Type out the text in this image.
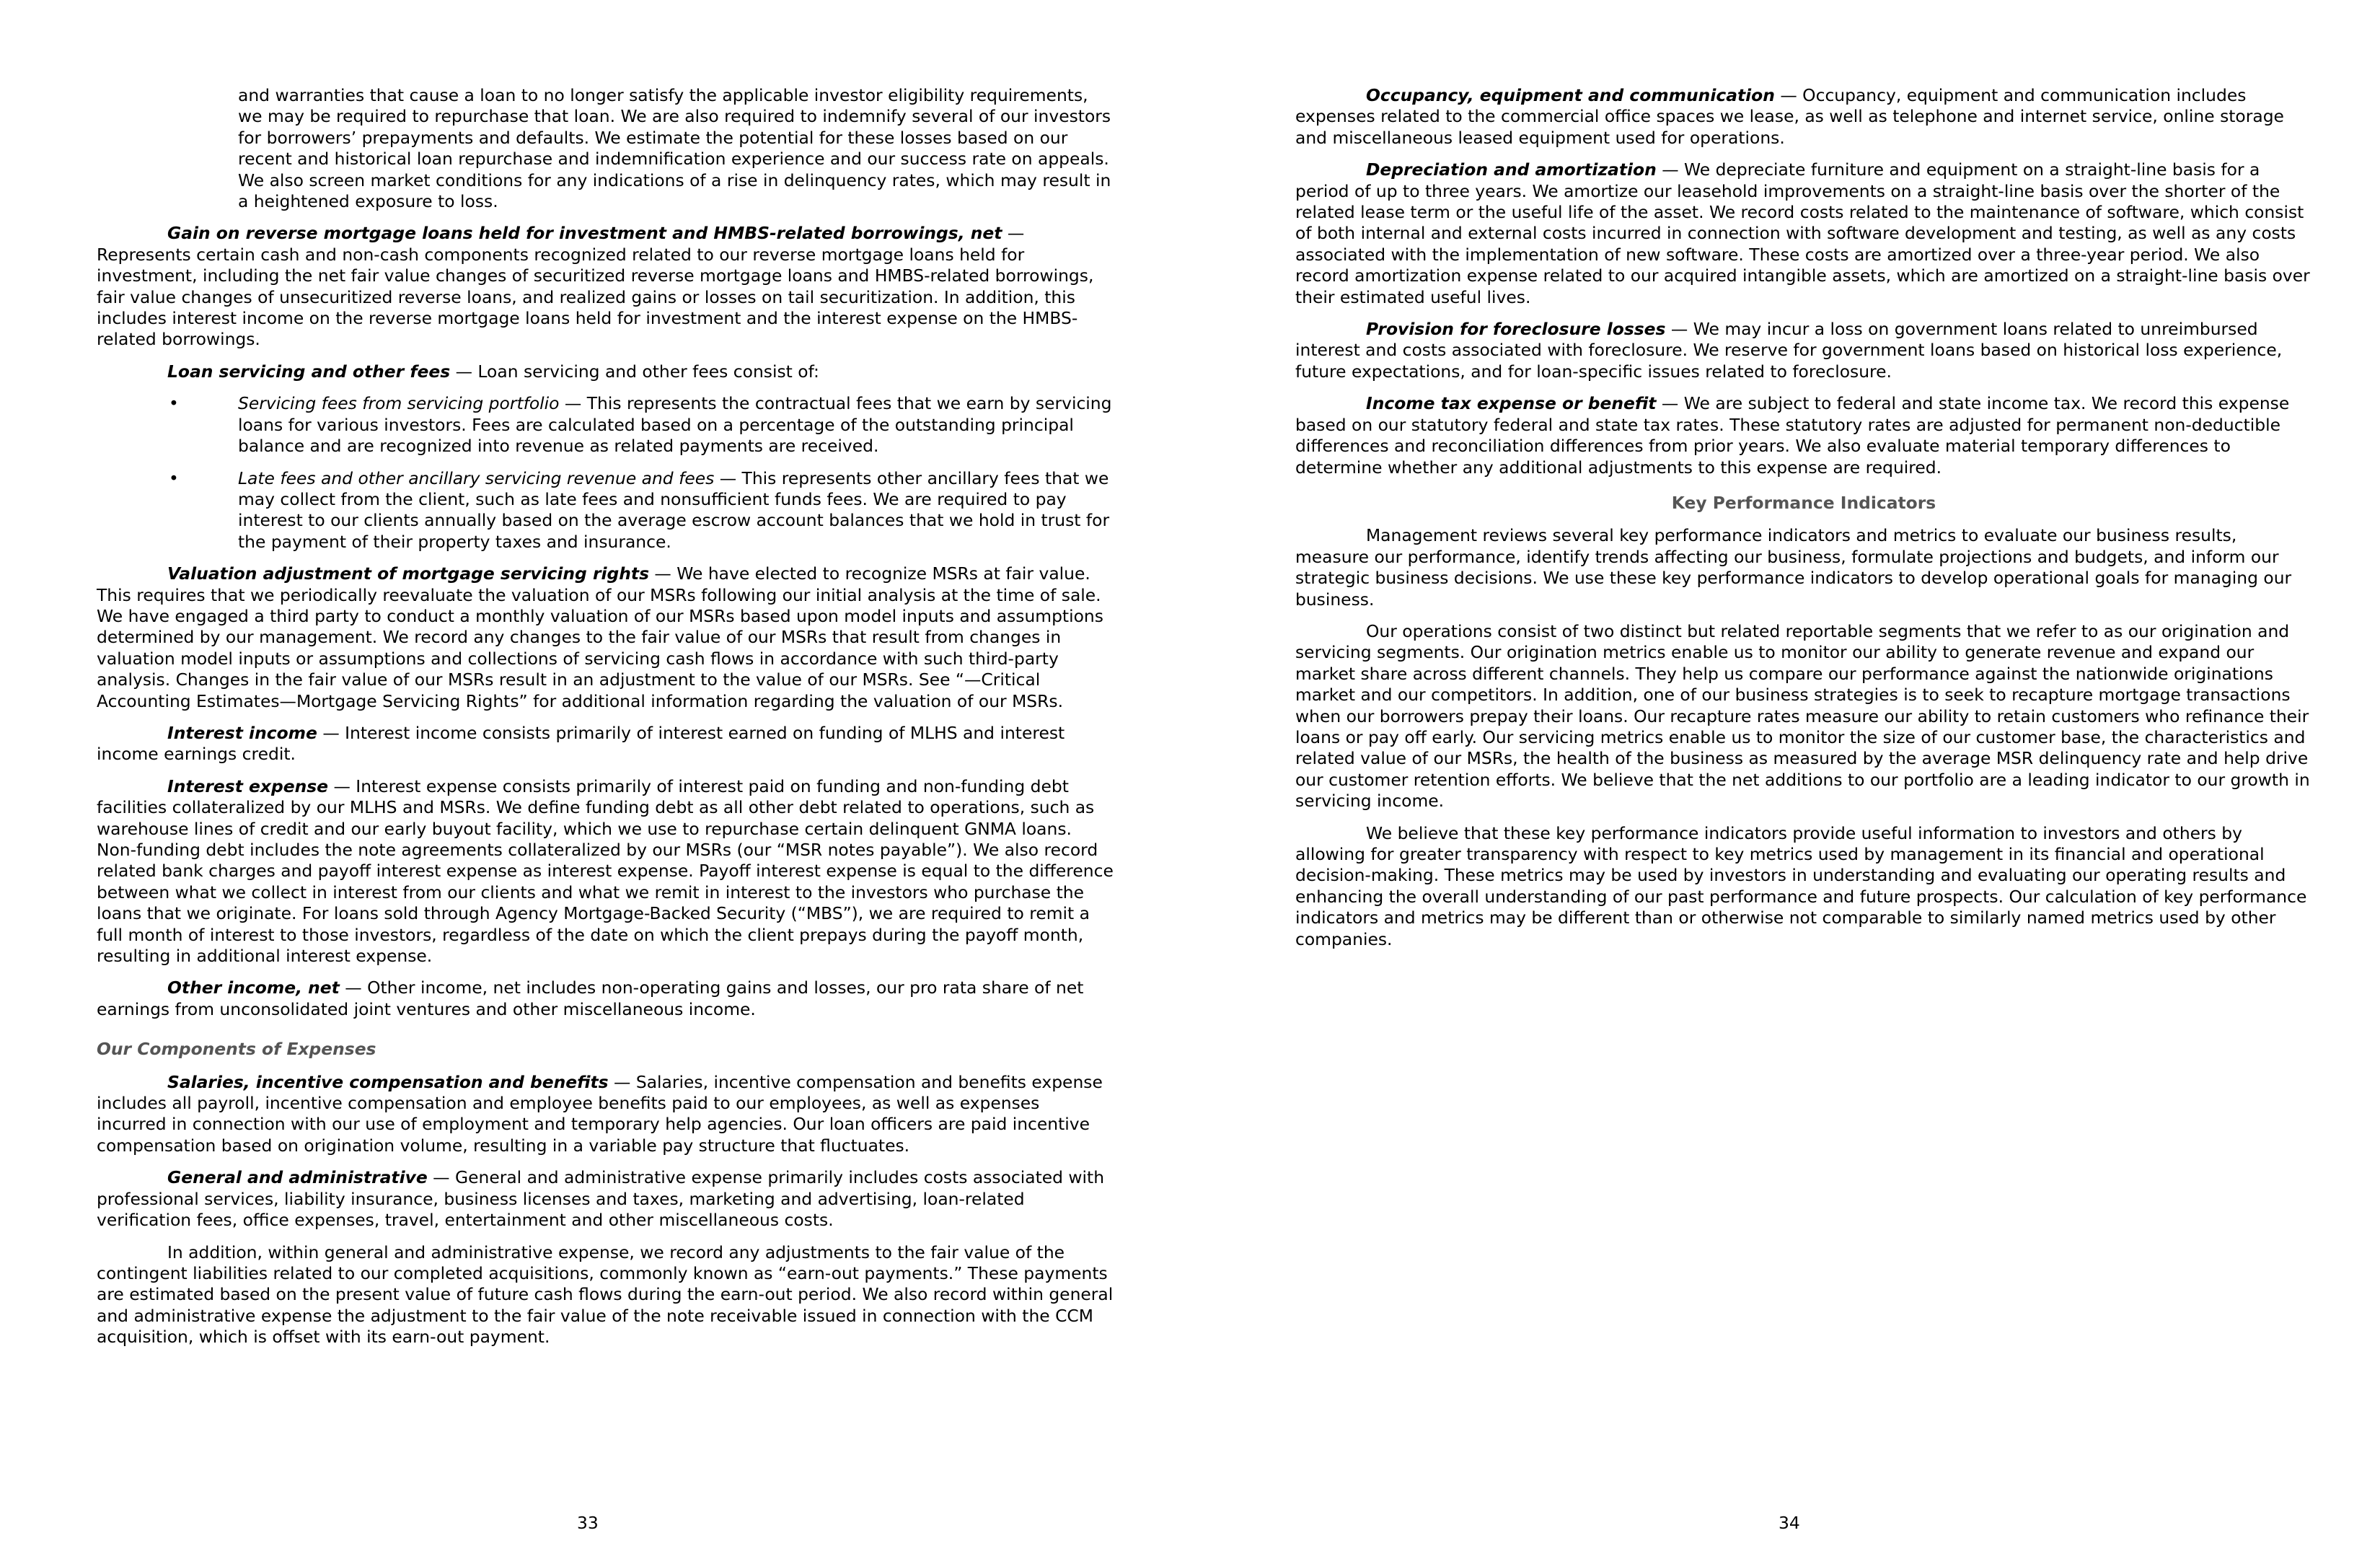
and warranties that cause a loan to no longer satisfy the applicable investor eligibility requirements, we may be required to repurchase that loan. We are also required to indemnify several of our investors for borrowers’ prepayments and defaults. We estimate the potential for these losses based on our recent and historical loan repurchase and indemnification experience and our success rate on appeals. We also screen market conditions for any indications of a rise in delinquency rates, which may result in a heightened exposure to loss.

Gain on reverse mortgage loans held for investment and HMBS-related borrowings, net — Represents certain cash and non-cash components recognized related to our reverse mortgage loans held for investment, including the net fair value changes of securitized reverse mortgage loans and HMBS-related borrowings, fair value changes of unsecuritized reverse loans, and realized gains or losses on tail securitization. In addition, this includes interest income on the reverse mortgage loans held for investment and the interest expense on the HMBS-related borrowings.

Loan servicing and other fees — Loan servicing and other fees consist of:

•	Servicing fees from servicing portfolio — This represents the contractual fees that we earn by servicing loans for various investors. Fees are calculated based on a percentage of the outstanding principal balance and are recognized into revenue as related payments are received.
•	Late fees and other ancillary servicing revenue and fees — This represents other ancillary fees that we may collect from the client, such as late fees and nonsufficient funds fees. We are required to pay interest to our clients annually based on the average escrow account balances that we hold in trust for the payment of their property taxes and insurance.

Valuation adjustment of mortgage servicing rights — We have elected to recognize MSRs at fair value. This requires that we periodically reevaluate the valuation of our MSRs following our initial analysis at the time of sale. We have engaged a third party to conduct a monthly valuation of our MSRs based upon model inputs and assumptions determined by our management. We record any changes to the fair value of our MSRs that result from changes in valuation model inputs or assumptions and collections of servicing cash flows in accordance with such third-party analysis. Changes in the fair value of our MSRs result in an adjustment to the value of our MSRs. See “—Critical Accounting Estimates—Mortgage Servicing Rights” for additional information regarding the valuation of our MSRs.

Interest income — Interest income consists primarily of interest earned on funding of MLHS and interest income earnings credit.

Interest expense — Interest expense consists primarily of interest paid on funding and non-funding debt facilities collateralized by our MLHS and MSRs. We define funding debt as all other debt related to operations, such as warehouse lines of credit and our early buyout facility, which we use to repurchase certain delinquent GNMA loans. Non-funding debt includes the note agreements collateralized by our MSRs (our “MSR notes payable”). We also record related bank charges and payoff interest expense as interest expense. Payoff interest expense is equal to the difference between what we collect in interest from our clients and what we remit in interest to the investors who purchase the loans that we originate. For loans sold through Agency Mortgage-Backed Security (“MBS”), we are required to remit a full month of interest to those investors, regardless of the date on which the client prepays during the payoff month, resulting in additional interest expense.

Other income, net — Other income, net includes non-operating gains and losses, our pro rata share of net earnings from unconsolidated joint ventures and other miscellaneous income.

Our Components of Expenses

Salaries, incentive compensation and benefits — Salaries, incentive compensation and benefits expense includes all payroll, incentive compensation and employee benefits paid to our employees, as well as expenses incurred in connection with our use of employment and temporary help agencies. Our loan officers are paid incentive compensation based on origination volume, resulting in a variable pay structure that fluctuates.

General and administrative — General and administrative expense primarily includes costs associated with professional services, liability insurance, business licenses and taxes, marketing and advertising, loan-related verification fees, office expenses, travel, entertainment and other miscellaneous costs.

In addition, within general and administrative expense, we record any adjustments to the fair value of the contingent liabilities related to our completed acquisitions, commonly known as “earn-out payments.” These payments are estimated based on the present value of future cash flows during the earn-out period. We also record within general and administrative expense the adjustment to the fair value of the note receivable issued in connection with the CCM acquisition, which is offset with its earn-out payment.

Occupancy, equipment and communication — Occupancy, equipment and communication includes expenses related to the commercial office spaces we lease, as well as telephone and internet service, online storage and miscellaneous leased equipment used for operations.

Depreciation and amortization — We depreciate furniture and equipment on a straight-line basis for a period of up to three years. We amortize our leasehold improvements on a straight-line basis over the shorter of the related lease term or the useful life of the asset. We record costs related to the maintenance of software, which consist of both internal and external costs incurred in connection with software development and testing, as well as any costs associated with the implementation of new software. These costs are amortized over a three-year period. We also record amortization expense related to our acquired intangible assets, which are amortized on a straight-line basis over their estimated useful lives.

Provision for foreclosure losses — We may incur a loss on government loans related to unreimbursed interest and costs associated with foreclosure. We reserve for government loans based on historical loss experience, future expectations, and for loan-specific issues related to foreclosure.

Income tax expense or benefit — We are subject to federal and state income tax. We record this expense based on our statutory federal and state tax rates. These statutory rates are adjusted for permanent non-deductible differences and reconciliation differences from prior years. We also evaluate material temporary differences to determine whether any additional adjustments to this expense are required.

Key Performance Indicators

Management reviews several key performance indicators and metrics to evaluate our business results, measure our performance, identify trends affecting our business, formulate projections and budgets, and inform our strategic business decisions. We use these key performance indicators to develop operational goals for managing our business.

Our operations consist of two distinct but related reportable segments that we refer to as our origination and servicing segments. Our origination metrics enable us to monitor our ability to generate revenue and expand our market share across different channels. They help us compare our performance against the nationwide originations market and our competitors. In addition, one of our business strategies is to seek to recapture mortgage transactions when our borrowers prepay their loans. Our recapture rates measure our ability to retain customers who refinance their loans or pay off early. Our servicing metrics enable us to monitor the size of our customer base, the characteristics and related value of our MSRs, the health of the business as measured by the average MSR delinquency rate and help drive our customer retention efforts. We believe that the net additions to our portfolio are a leading indicator to our growth in servicing income.

We believe that these key performance indicators provide useful information to investors and others by allowing for greater transparency with respect to key metrics used by management in its financial and operational decision-making. These metrics may be used by investors in understanding and evaluating our operating results and enhancing the overall understanding of our past performance and future prospects. Our calculation of key performance indicators and metrics may be different than or otherwise not comparable to similarly named metrics used by other companies.

33	34
